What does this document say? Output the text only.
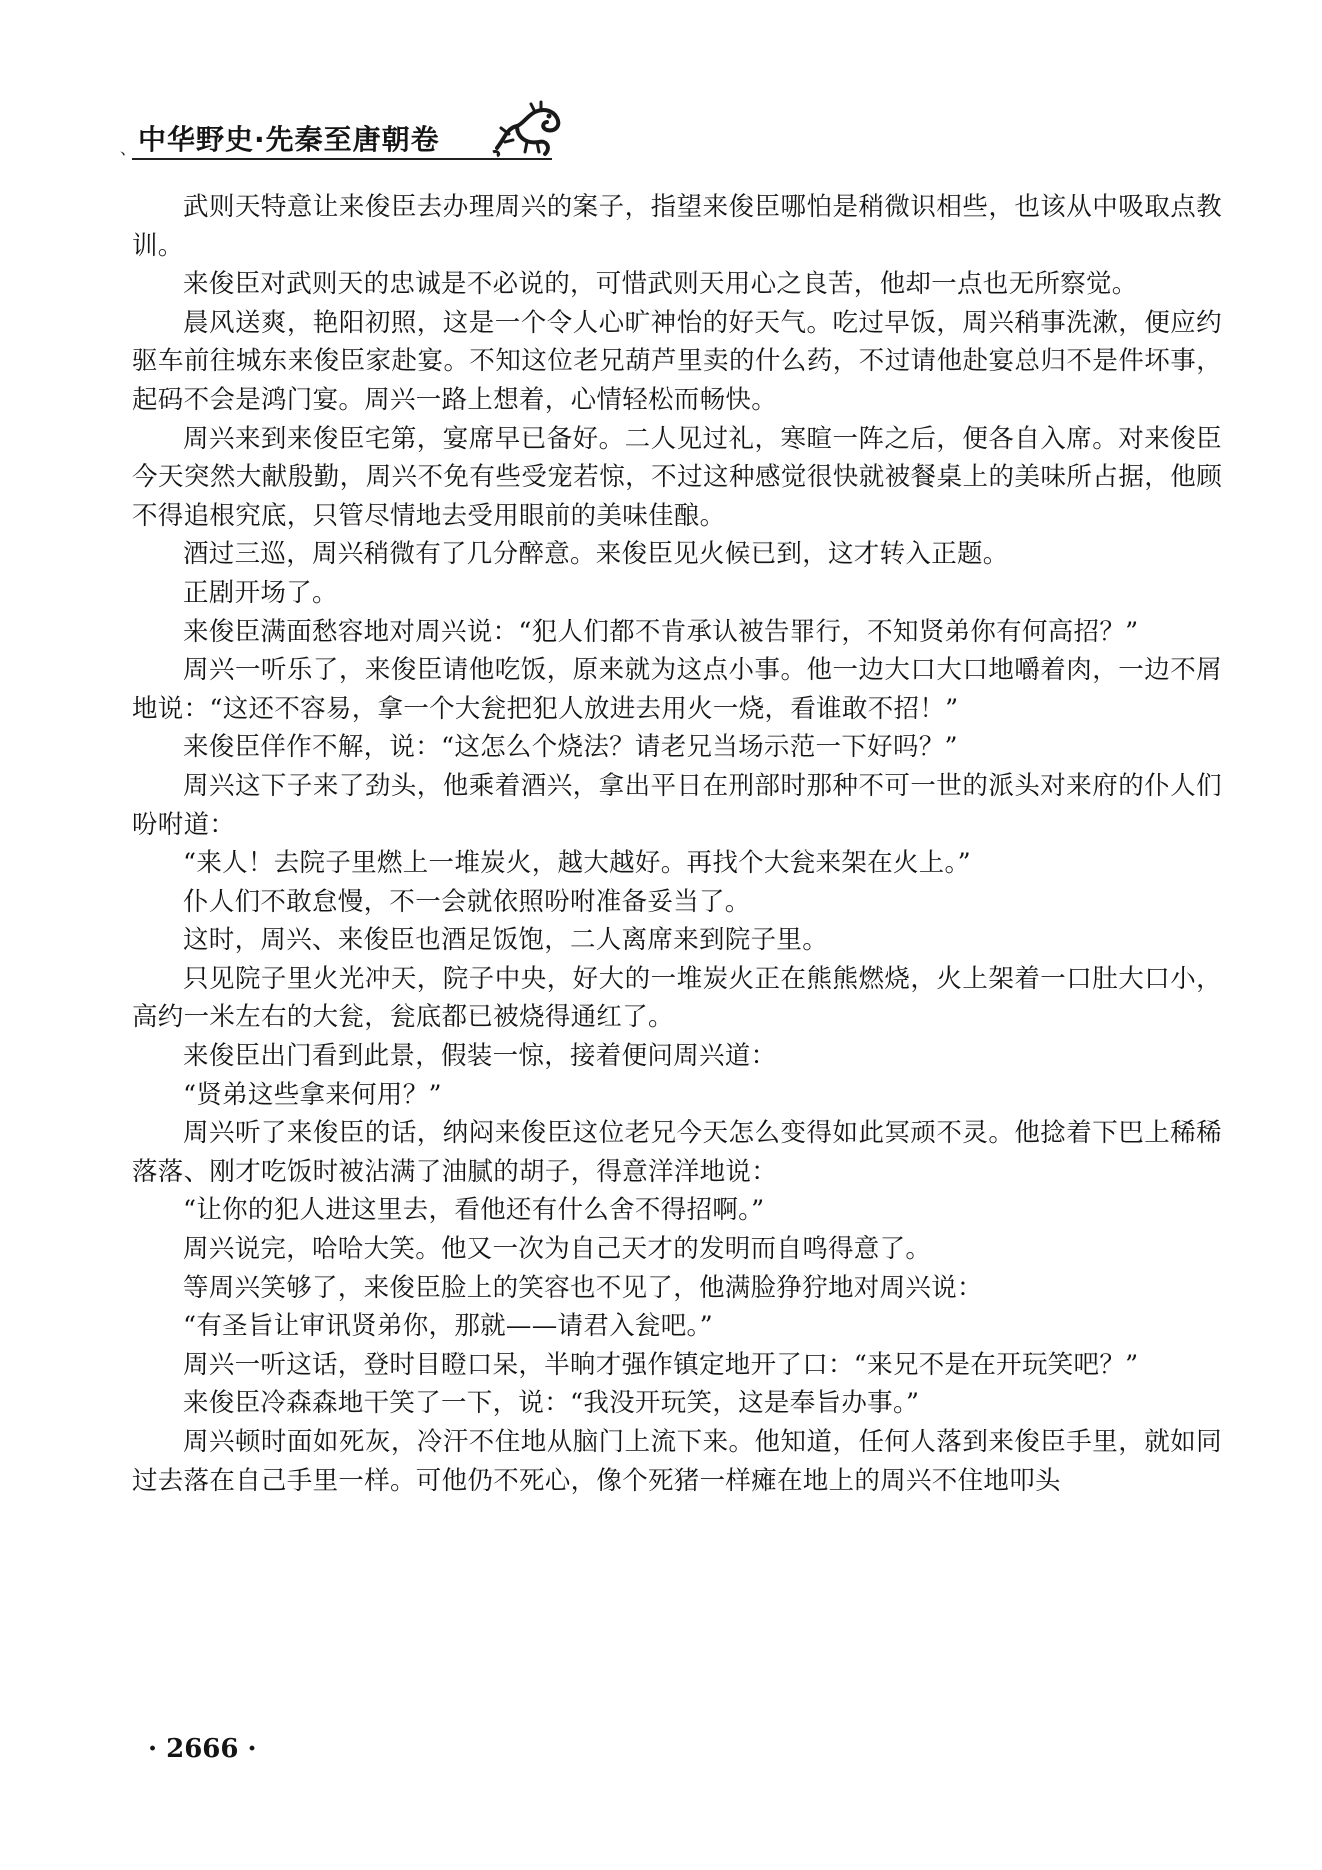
、 中华野史·先秦至唐朝卷

武则天特意让来俊臣去办理周兴的案子，指望来俊臣哪怕是稍微识相些，也该从中吸取点教训。

来俊臣对武则天的忠诚是不必说的，可惜武则天用心之良苦，他却一点也无所察觉。

晨风送爽，艳阳初照，这是一个令人心旷神怡的好天气。吃过早饭，周兴稍事洗漱，便应约驱车前往城东来俊臣家赴宴。不知这位老兄葫芦里卖的什么药，不过请他赴宴总归不是件坏事，起码不会是鸿门宴。周兴一路上想着，心情轻松而畅快。

周兴来到来俊臣宅第，宴席早已备好。二人见过礼，寒暄一阵之后，便各自入席。对来俊臣今天突然大献殷勤，周兴不免有些受宠若惊，不过这种感觉很快就被餐桌上的美味所占据，他顾不得追根究底，只管尽情地去受用眼前的美味佳酿。

酒过三巡，周兴稍微有了几分醉意。来俊臣见火候已到，这才转入正题。

正剧开场了。

来俊臣满面愁容地对周兴说：“犯人们都不肯承认被告罪行，不知贤弟你有何高招？”

周兴一听乐了，来俊臣请他吃饭，原来就为这点小事。他一边大口大口地嚼着肉，一边不屑地说：“这还不容易，拿一个大瓮把犯人放进去用火一烧，看谁敢不招！”

来俊臣佯作不解，说：“这怎么个烧法？请老兄当场示范一下好吗？”

周兴这下子来了劲头，他乘着酒兴，拿出平日在刑部时那种不可一世的派头对来府的仆人们吩咐道：

“来人！去院子里燃上一堆炭火，越大越好。再找个大瓮来架在火上。”

仆人们不敢怠慢，不一会就依照吩咐准备妥当了。

这时，周兴、来俊臣也酒足饭饱，二人离席来到院子里。

只见院子里火光冲天，院子中央，好大的一堆炭火正在熊熊燃烧，火上架着一口肚大口小，高约一米左右的大瓮，瓮底都已被烧得通红了。

来俊臣出门看到此景，假装一惊，接着便问周兴道：

“贤弟这些拿来何用？”

周兴听了来俊臣的话，纳闷来俊臣这位老兄今天怎么变得如此冥顽不灵。他捻着下巴上稀稀落落、刚才吃饭时被沾满了油腻的胡子，得意洋洋地说：

“让你的犯人进这里去，看他还有什么舍不得招啊。”

周兴说完，哈哈大笑。他又一次为自己天才的发明而自鸣得意了。

等周兴笑够了，来俊臣脸上的笑容也不见了，他满脸狰狞地对周兴说：

“有圣旨让审讯贤弟你，那就——请君入瓮吧。”

周兴一听这话，登时目瞪口呆，半晌才强作镇定地开了口：“来兄不是在开玩笑吧？”

来俊臣冷森森地干笑了一下，说：“我没开玩笑，这是奉旨办事。”

周兴顿时面如死灰，冷汗不住地从脑门上流下来。他知道，任何人落到来俊臣手里，就如同过去落在自己手里一样。可他仍不死心，像个死猪一样瘫在地上的周兴不住地叩头

· 2666 ·
